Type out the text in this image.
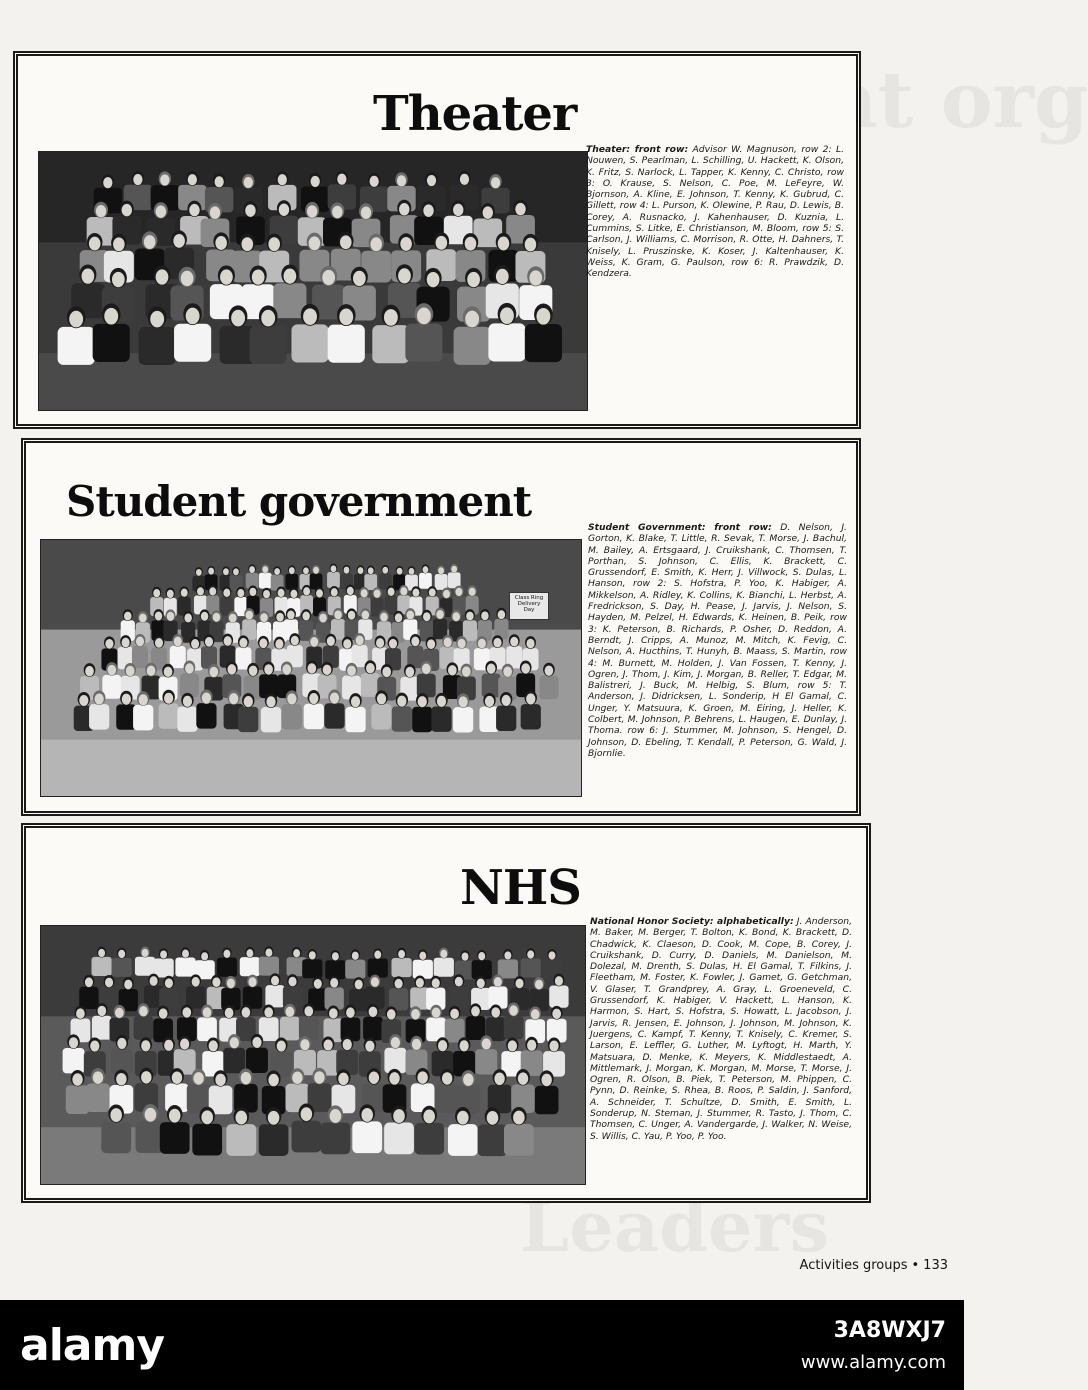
org
Leaders
Theater

Theater: front row: Advisor W. Magnuson, row 2: L. Nouwen, S. Pearlman, L. Schilling, U. Hackett, K. Olson, K. Fritz, S. Narlock, L. Tapper, K. Kenny, C. Christo, row 3: O. Krause, S. Nelson, C. Poe, M. LeFeyre, W. Bjornson, A. Kline, E. Johnson, T. Kenny, K. Gubrud, C. Gillett, row 4: L. Purson, K. Olewine, P. Rau, D. Lewis, B. Corey, A. Rusnacko, J. Kahenhauser, D. Kuznia, L. Cummins, S. Litke, E. Christianson, M. Bloom, row 5: S. Carlson, J. Williams, C. Morrison, R. Otte, H. Dahners, T. Knisely, L. Pruszinske, K. Koser, J. Kaltenhauser, K. Weiss, K. Gram, G. Paulson, row 6: R. Prawdzik, D. Kendzera.

Student government
Class Ring Delivery Day

Student Government: front row: D. Nelson, J. Gorton, K. Blake, T. Little, R. Sevak, T. Morse, J. Bachul, M. Bailey, A. Ertsgaard, J. Cruikshank, C. Thomsen, T. Porthan, S. Johnson, C. Ellis, K. Brackett, C. Grussendorf, E. Smith, K. Herr, J. Villwock, S. Dulas, L. Hanson, row 2: S. Hofstra, P. Yoo, K. Habiger, A. Mikkelson, A. Ridley, K. Collins, K. Bianchi, L. Herbst, A. Fredrickson, S. Day, H. Pease, J. Jarvis, J. Nelson, S. Hayden, M. Pelzel, H. Edwards, K. Heinen, B. Peik, row 3: K. Peterson, B. Richards, P. Osher, D. Reddon, A. Berndt, J. Cripps, A. Munoz, M. Mitch, K. Fevig, C. Nelson, A. Hucthins, T. Hunyh, B. Maass, S. Martin, row 4: M. Burnett, M. Holden, J. Van Fossen, T. Kenny, J. Ogren, J. Thom, J. Kim, J. Morgan, B. Reller, T. Edgar, M. Balistreri, J. Buck, M. Helbig, S. Blum, row 5: T. Anderson, J. Didricksen, L. Sonderip, H El Gamal, C. Unger, Y. Matsuura, K. Groen, M. Eiring, J. Heller, K. Colbert, M. Johnson, P. Behrens, L. Haugen, E. Dunlay, J. Thoma. row 6: J. Stummer, M. Johnson, S. Hengel, D. Johnson, D. Ebeling, T. Kendall, P. Peterson, G. Wald, J. Bjornlie.

NHS

National Honor Society: alphabetically: J. Anderson, M. Baker, M. Berger, T. Bolton, K. Bond, K. Brackett, D. Chadwick, K. Claeson, D. Cook, M. Cope, B. Corey, J. Cruikshank, D. Curry, D. Daniels, M. Danielson, M. Dolezal, M. Drenth, S. Dulas, H. El Gamal, T. Filkins, J. Fleetham, M. Foster, K. Fowler, J. Gamet, G. Getchman, V. Glaser, T. Grandprey, A. Gray, L. Groeneveld, C. Grussendorf, K. Habiger, V. Hackett, L. Hanson, K. Harmon, S. Hart, S. Hofstra, S. Howatt, L. Jacobson, J. Jarvis, R. Jensen, E. Johnson, J. Johnson, M. Johnson, K. Juergens, C. Kampf, T. Kenny, T. Knisely, C. Kremer, S. Larson, E. Leffler, G. Luther, M. Lyftogt, H. Marth, Y. Matsuara, D. Menke, K. Meyers, K. Middlestaedt, A. Mittlemark, J. Morgan, K. Morgan, M. Morse, T. Morse, J. Ogren, R. Olson, B. Piek, T. Peterson, M. Phippen, C. Pynn, D. Reinke, S. Rhea, B. Roos, P. Saldin, J. Sanford, A. Schneider, T. Schultze, D. Smith, E. Smith, L. Sonderup, N. Steman, J. Stummer, R. Tasto, J. Thom, C. Thomsen, C. Unger, A. Vandergarde, J. Walker, N. Weise, S. Willis, C. Yau, P. Yoo, P. Yoo.

Activities groups • 133
alamy	3A8WXJ7
www.alamy.com
